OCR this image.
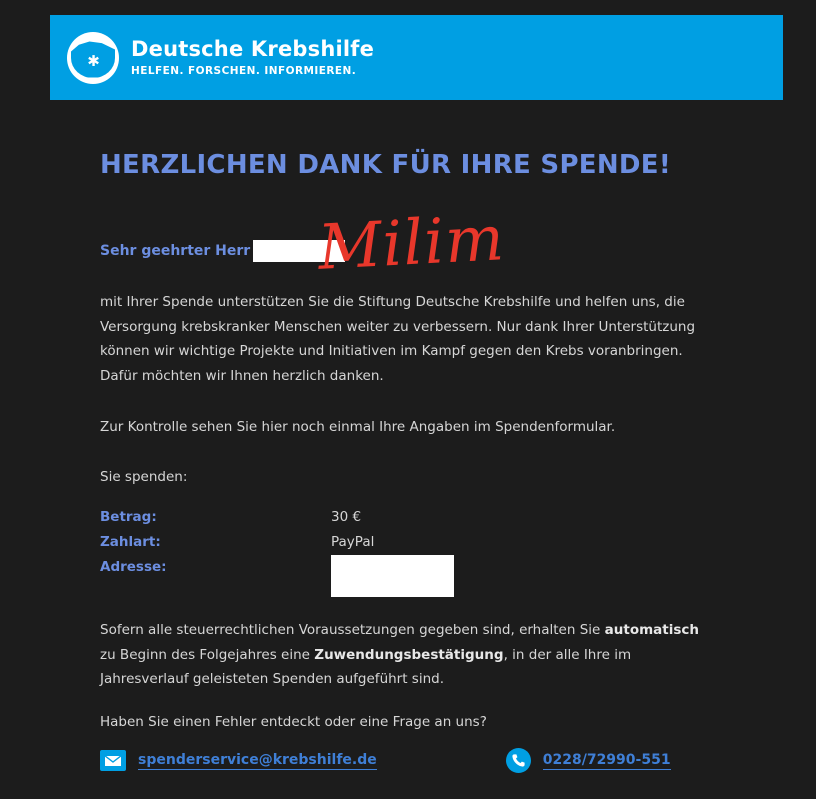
✱ Deutsche Krebshilfe
HELFEN. FORSCHEN. INFORMIEREN.
HERZLICHEN DANK FÜR IHRE SPENDE!
Sehr geehrter Herr Milim
mit Ihrer Spende unterstützen Sie die Stiftung Deutsche Krebshilfe und helfen uns, die Versorgung krebskranker Menschen weiter zu verbessern. Nur dank Ihrer Unterstützung können wir wichtige Projekte und Initiativen im Kampf gegen den Krebs voranbringen. Dafür möchten wir Ihnen herzlich danken.
Zur Kontrolle sehen Sie hier noch einmal Ihre Angaben im Spendenformular.
Sie spenden:
Betrag:	30 €
Zahlart:	PayPal
Adresse:
Sofern alle steuerrechtlichen Voraussetzungen gegeben sind, erhalten Sie automatisch zu Beginn des Folgejahres eine Zuwendungsbestätigung, in der alle Ihre im Jahresverlauf geleisteten Spenden aufgeführt sind.
Haben Sie einen Fehler entdeckt oder eine Frage an uns?
spenderservice@krebshilfe.de	0228/72990-551
